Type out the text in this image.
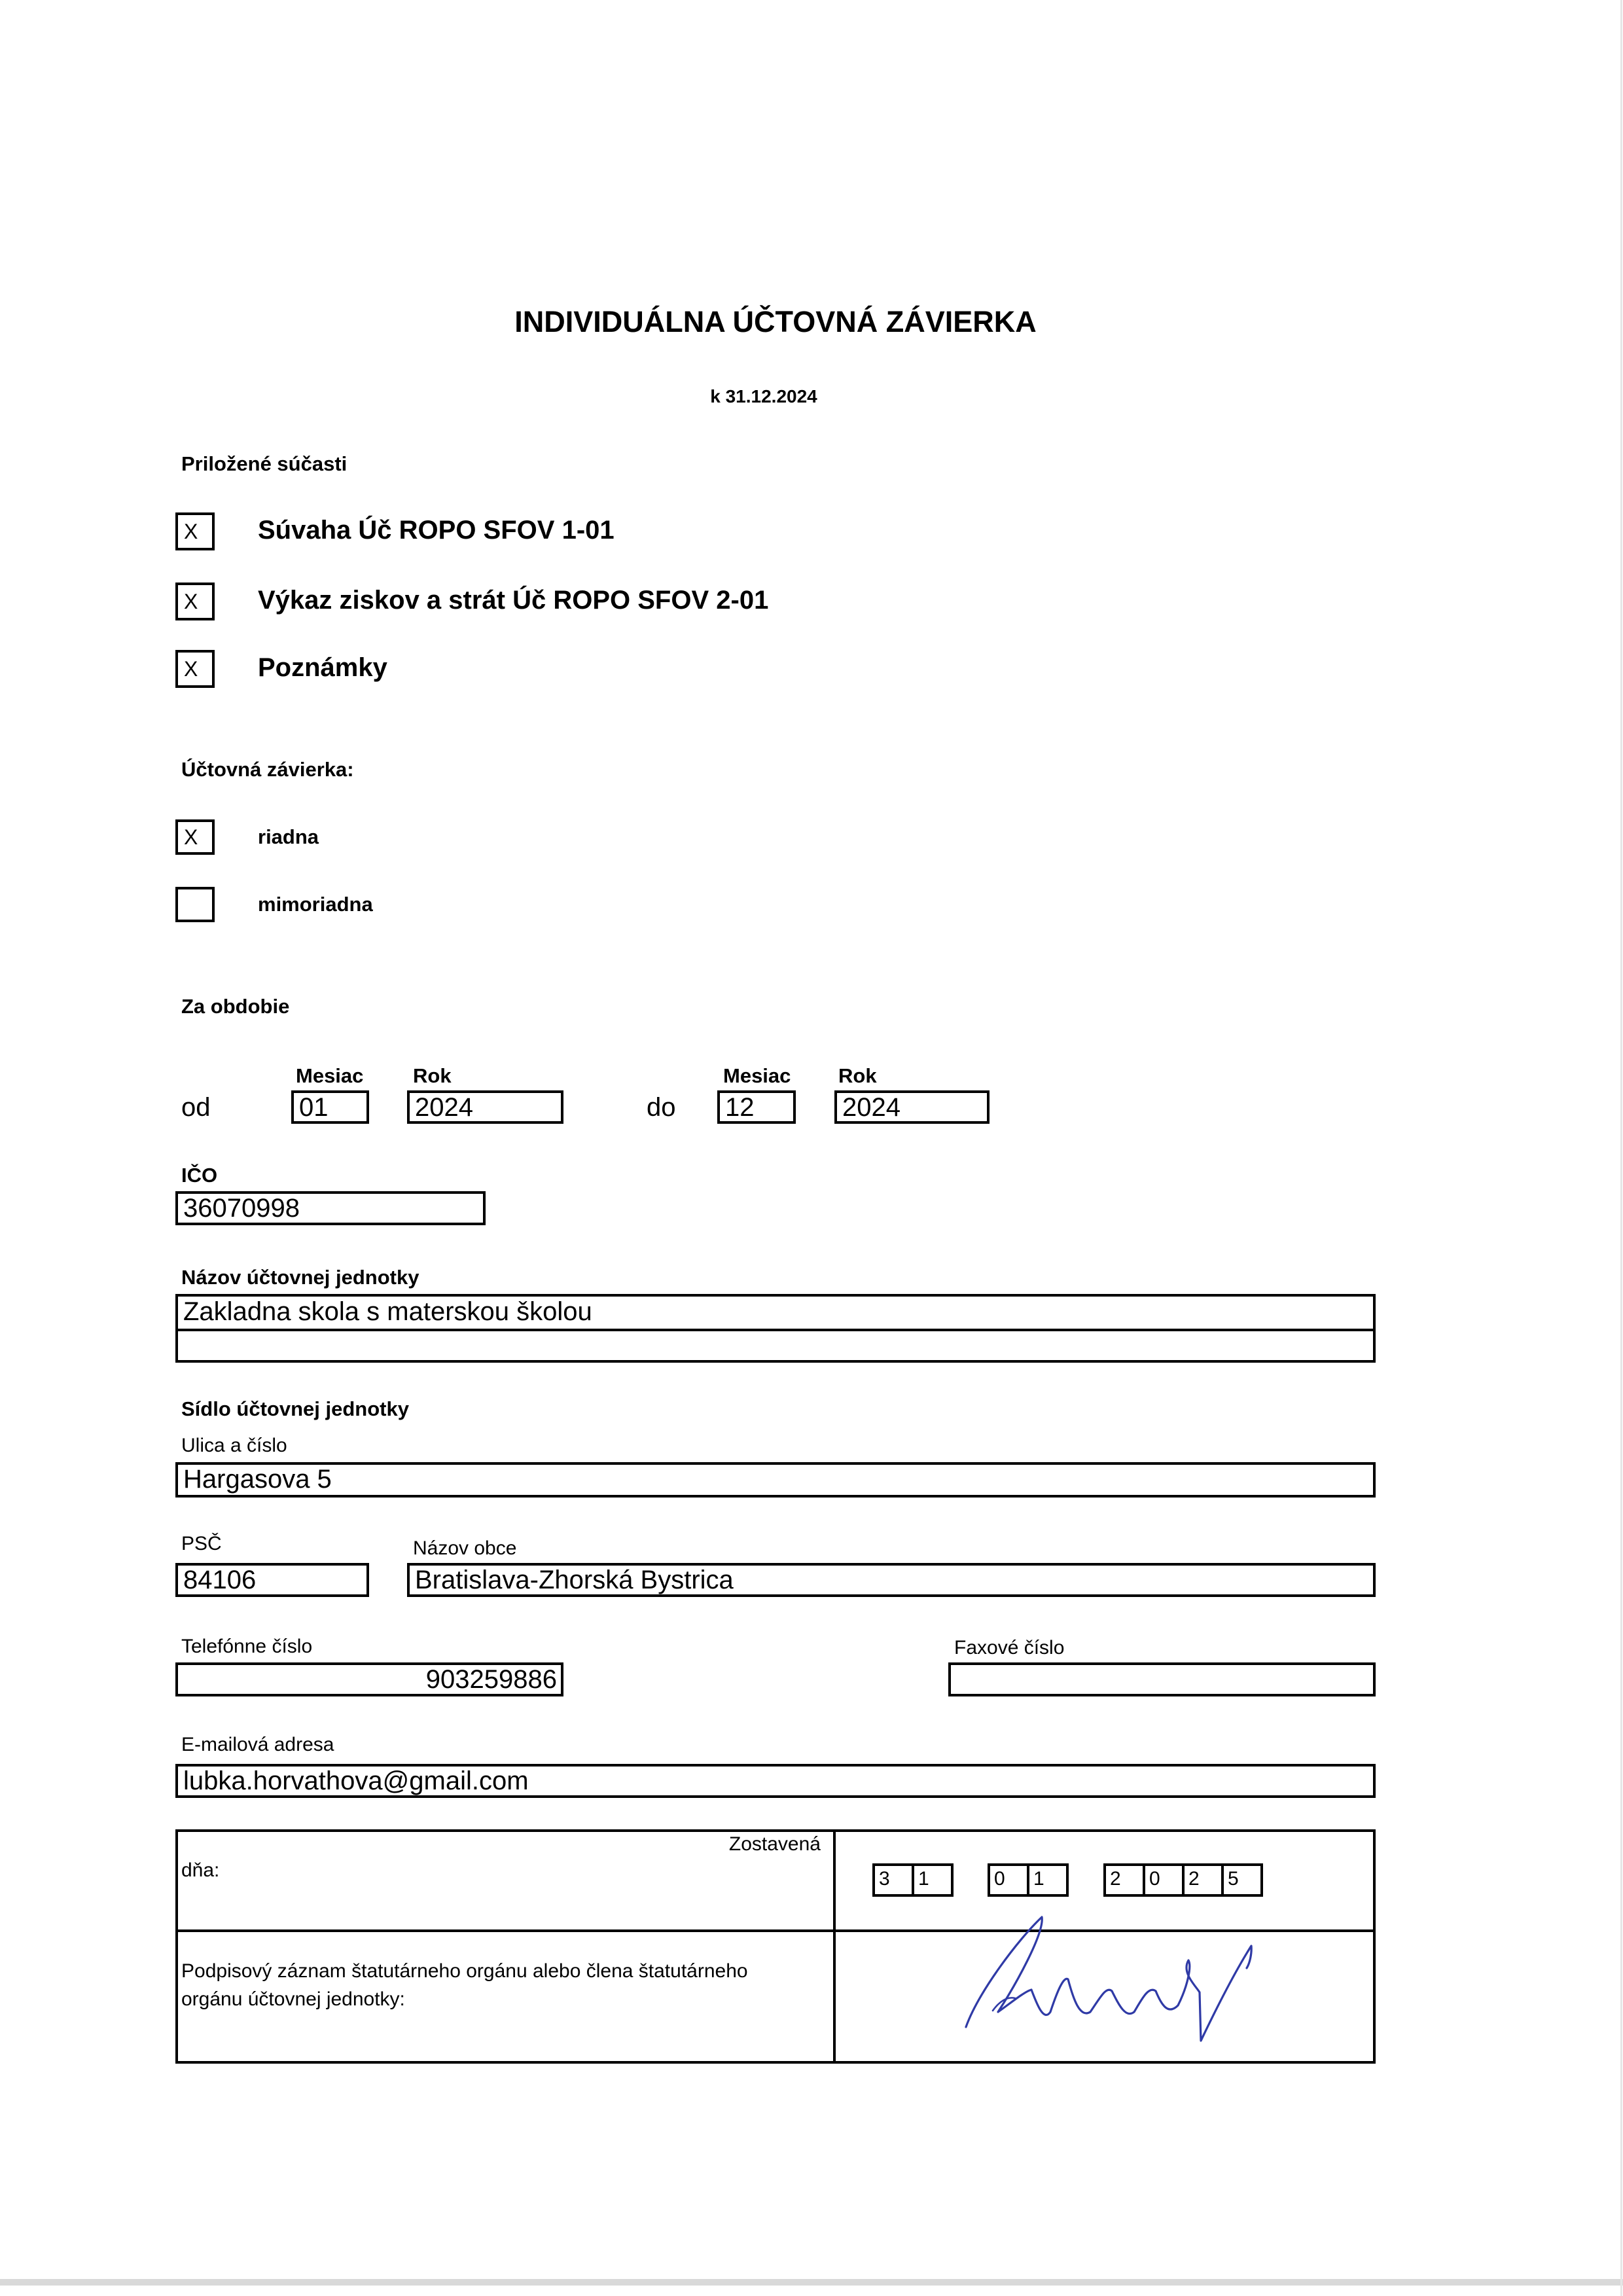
INDIVIDUÁLNA ÚČTOVNÁ ZÁVIERKA
k 31.12.2024
Priložené súčasti
X	Súvaha Úč ROPO SFOV 1-01
X	Výkaz ziskov a strát Úč ROPO SFOV 2-01
X	Poznámky
Účtovná závierka:
X	riadna
mimoriadna
Za obdobie
Mesiac Rok
od	01	2024
Mesiac Rok
do	12	2024
IČO
36070998
Názov účtovnej jednotky
Zakladna skola s materskou školou
Sídlo účtovnej jednotky
Ulica a číslo
Hargasova 5
PSČ	Názov obce
84106	Bratislava-Zhorská Bystrica
Telefónne číslo
903259886
Faxové číslo
E-mailová adresa
lubka.horvathova@gmail.com
Zostavená
dňa:	3	1	0	1	2	0	2	5
Podpisový záznam štatutárneho orgánu alebo člena štatutárneho
orgánu účtovnej jednotky:
